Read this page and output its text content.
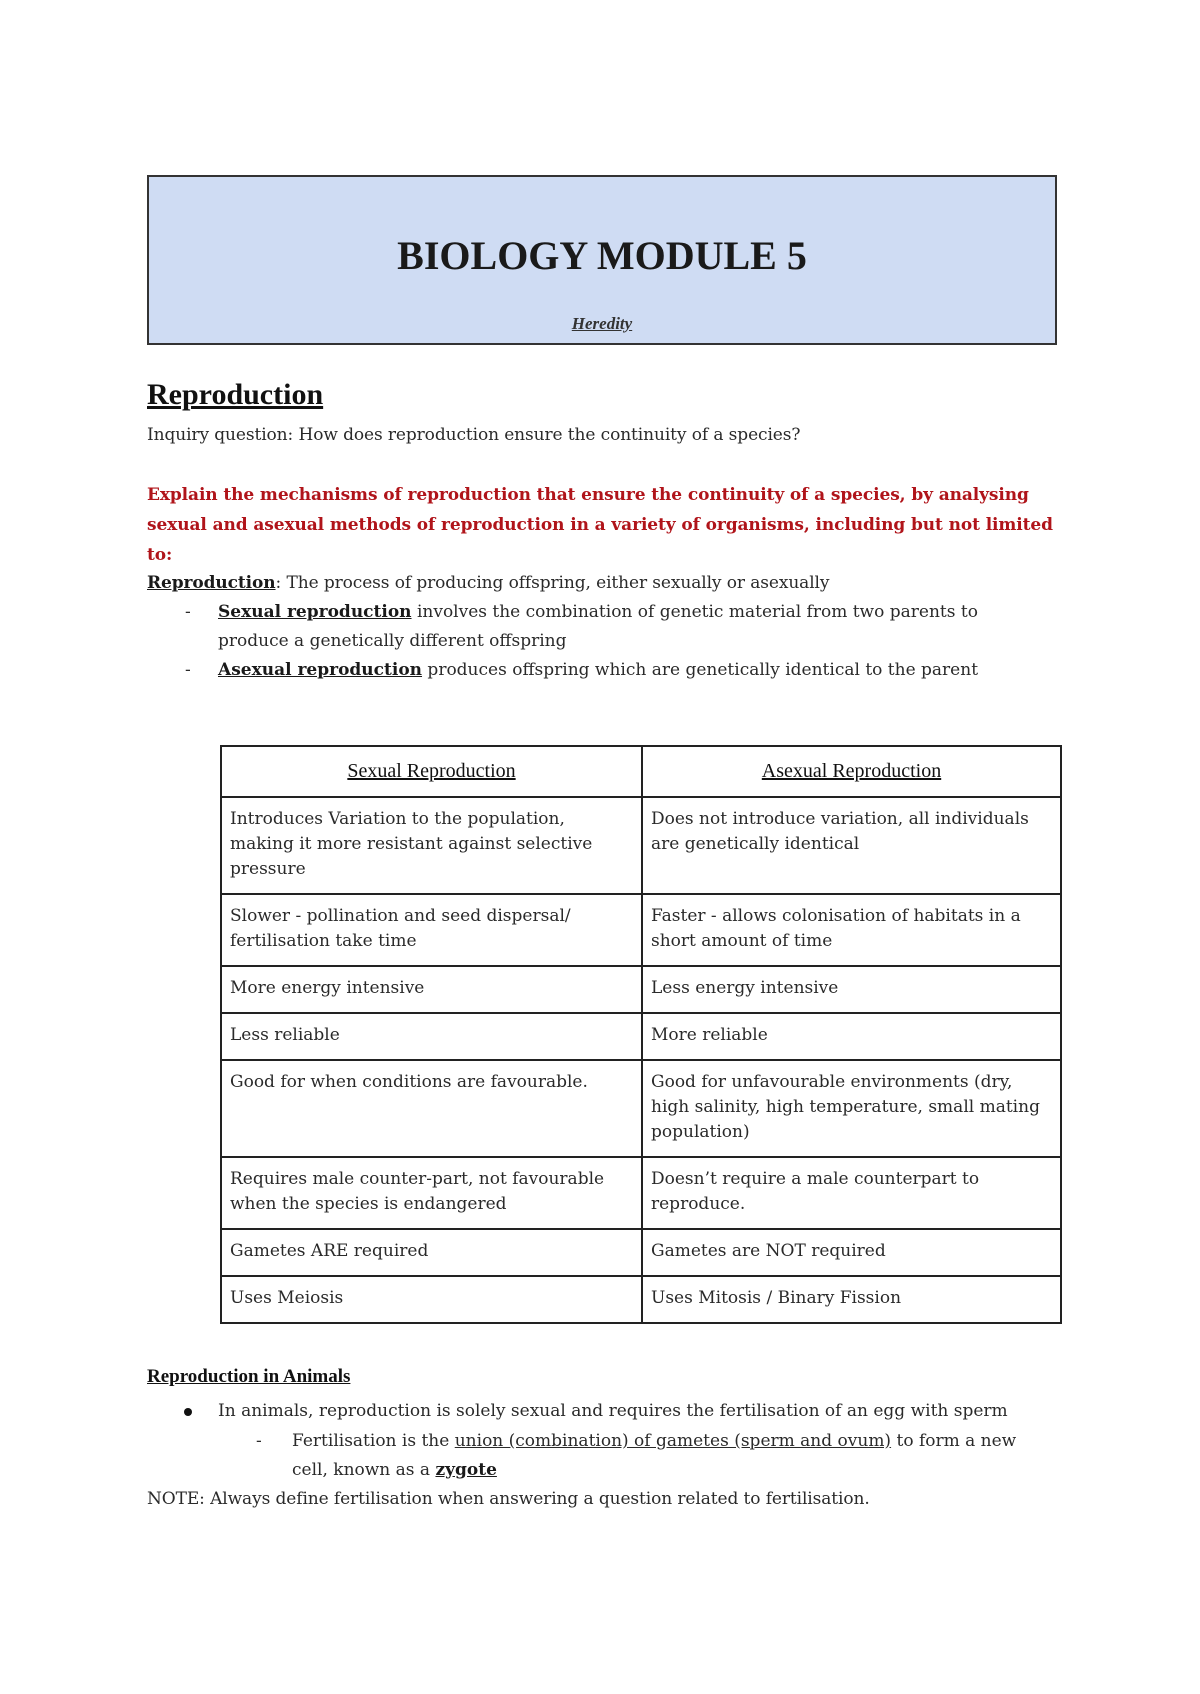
BIOLOGY MODULE 5
Heredity
Reproduction

Inquiry question: How does reproduction ensure the continuity of a species?

Explain the mechanisms of reproduction that ensure the continuity of a species, by analysing
sexual and asexual methods of reproduction in a variety of organisms, including but not limited
to:

Reproduction: The process of producing offspring, either sexually or asexually

- Sexual reproduction involves the combination of genetic material from two parents to
produce a genetically different offspring
- Asexual reproduction produces offspring which are genetically identical to the parent
Sexual Reproduction	Asexual Reproduction
Introduces Variation to the population, making it more resistant against selective pressure	Does not introduce variation, all individuals are genetically identical
Slower - pollination and seed dispersal/ fertilisation take time	Faster - allows colonisation of habitats in a short amount of time
More energy intensive	Less energy intensive
Less reliable	More reliable
Good for when conditions are favourable.	Good for unfavourable environments (dry, high salinity, high temperature, small mating population)
Requires male counter-part, not favourable when the species is endangered	Doesn’t require a male counterpart to reproduce.
Gametes ARE required	Gametes are NOT required
Uses Meiosis	Uses Mitosis / Binary Fission
Reproduction in Animals
In animals, reproduction is solely sexual and requires the fertilisation of an egg with sperm
- Fertilisation is the union (combination) of gametes (sperm and ovum) to form a new
cell, known as a zygote

NOTE: Always define fertilisation when answering a question related to fertilisation.
